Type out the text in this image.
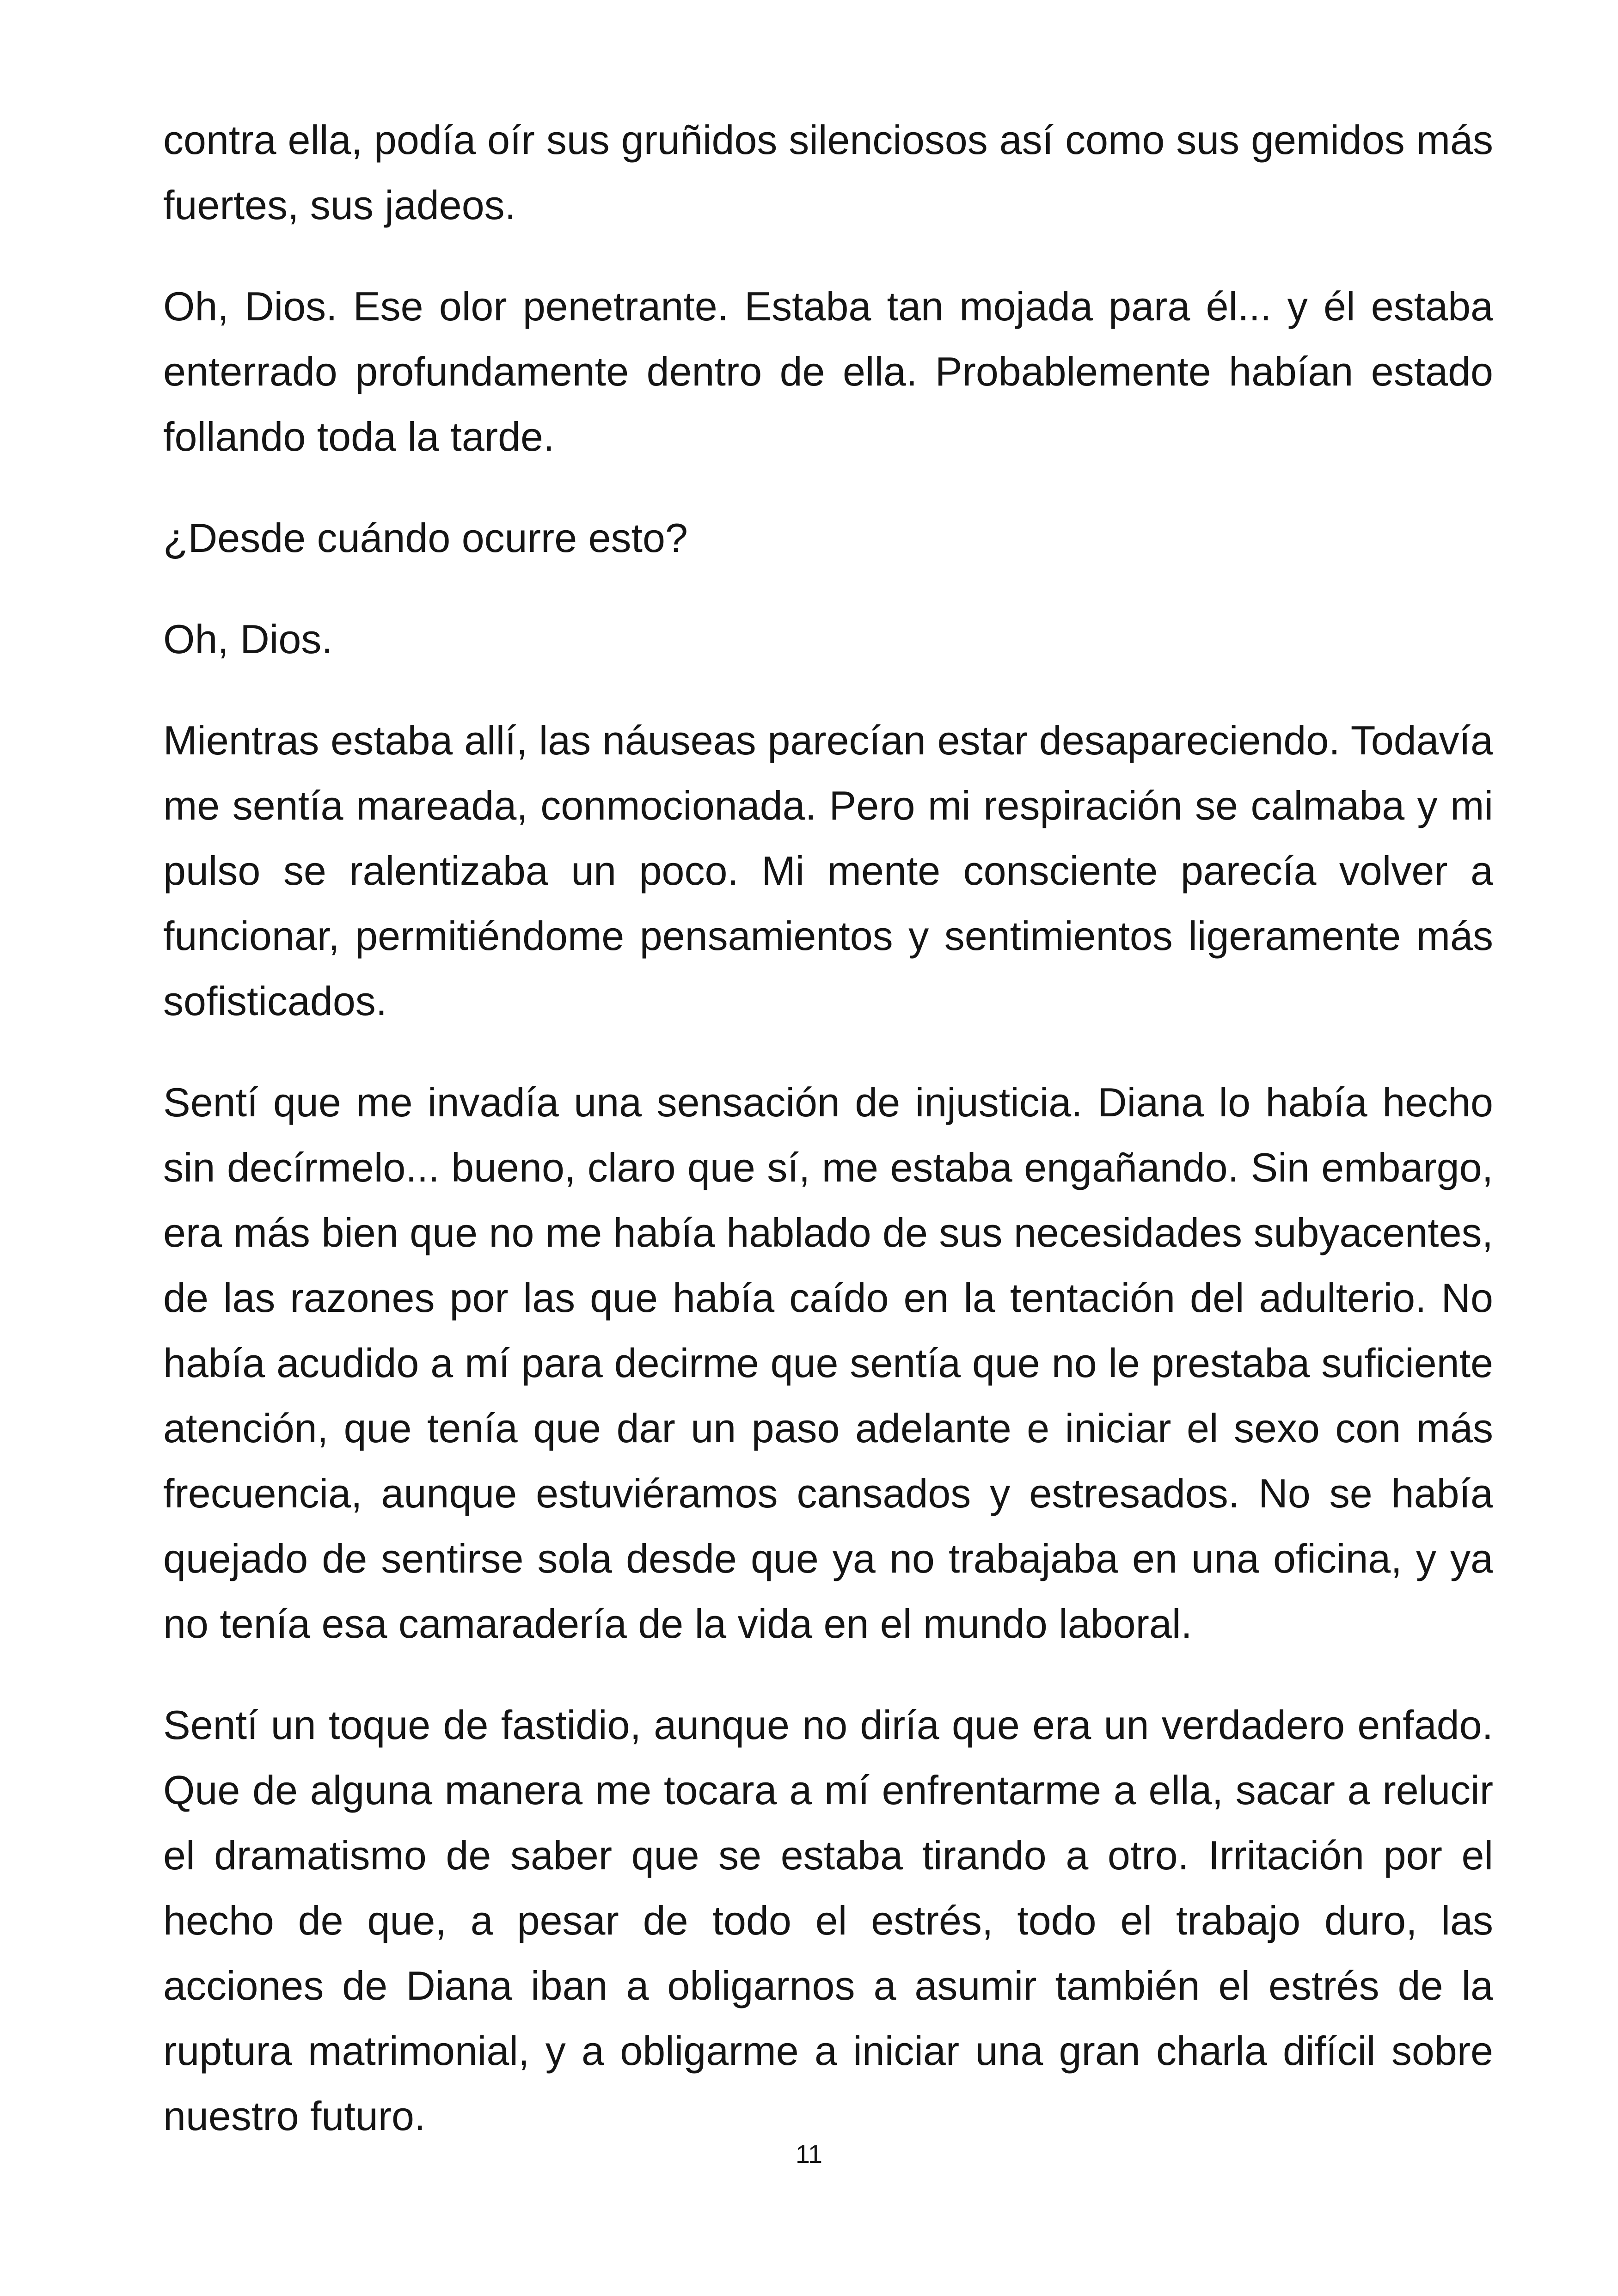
contra ella, podía oír sus gruñidos silenciosos así como sus gemidos más fuertes, sus jadeos.

Oh, Dios. Ese olor penetrante. Estaba tan mojada para él... y él estaba enterrado profundamente dentro de ella. Probablemente habían estado follando toda la tarde.

¿Desde cuándo ocurre esto?

Oh, Dios.

Mientras estaba allí, las náuseas parecían estar desapareciendo. Todavía me sentía mareada, conmocionada. Pero mi respiración se calmaba y mi pulso se ralentizaba un poco. Mi mente consciente parecía volver a funcionar, permitiéndome pensamientos y sentimientos ligeramente más sofisticados.

Sentí que me invadía una sensación de injusticia. Diana lo había hecho sin decírmelo... bueno, claro que sí, me estaba engañando. Sin embargo, era más bien que no me había hablado de sus necesidades subyacentes, de las razones por las que había caído en la tentación del adulterio. No había acudido a mí para decirme que sentía que no le prestaba suficiente atención, que tenía que dar un paso adelante e iniciar el sexo con más frecuencia, aunque estuviéramos cansados y estresados. No se había quejado de sentirse sola desde que ya no trabajaba en una oficina, y ya no tenía esa camaradería de la vida en el mundo laboral.

Sentí un toque de fastidio, aunque no diría que era un verdadero enfado. Que de alguna manera me tocara a mí enfrentarme a ella, sacar a relucir el dramatismo de saber que se estaba tirando a otro. Irritación por el hecho de que, a pesar de todo el estrés, todo el trabajo duro, las acciones de Diana iban a obligarnos a asumir también el estrés de la ruptura matrimonial, y a obligarme a iniciar una gran charla difícil sobre nuestro futuro.

11
